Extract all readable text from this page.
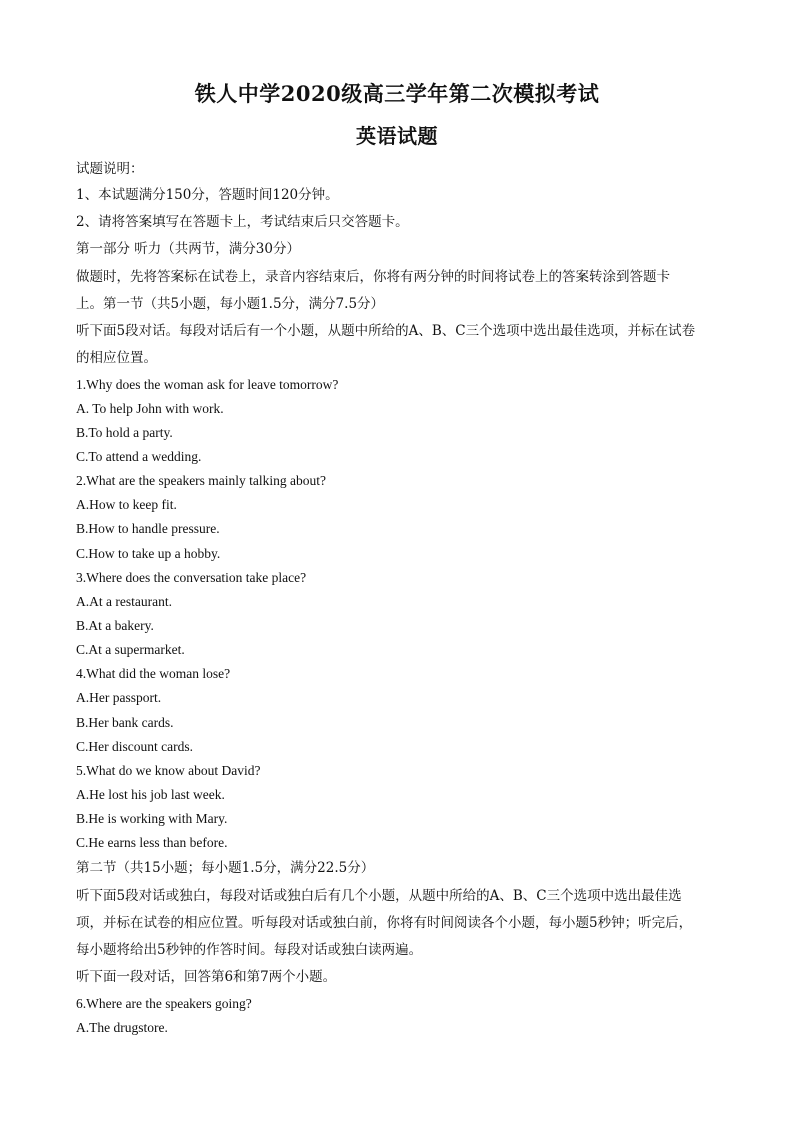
铁人中学2020级高三学年第二次模拟考试
英语试题
试题说明：
1、本试题满分150分，答题时间120分钟。
2、请将答案填写在答题卡上，考试结束后只交答题卡。
第一部分 听力（共两节，满分30分）
做题时，先将答案标在试卷上，录音内容结束后，你将有两分钟的时间将试卷上的答案转涂到答题卡
上。第一节（共5小题，每小题1.5分，满分7.5分）
听下面5段对话。每段对话后有一个小题，从题中所给的A、B、C三个选项中选出最佳选项，并标在试卷
的相应位置。
1.Why does the woman ask for leave tomorrow?
A. To help John with work.
B.To hold a party.
C.To attend a wedding.
2.What are the speakers mainly talking about?
A.How to keep fit.
B.How to handle pressure.
C.How to take up a hobby.
3.Where does the conversation take place?
A.At a restaurant.
B.At a bakery.
C.At a supermarket.
4.What did the woman lose?
A.Her passport.
B.Her bank cards.
C.Her discount cards.
5.What do we know about David?
A.He lost his job last week.
B.He is working with Mary.
C.He earns less than before.
第二节（共15小题；每小题1.5分，满分22.5分）
听下面5段对话或独白，每段对话或独白后有几个小题，从题中所给的A、B、C三个选项中选出最佳选
项，并标在试卷的相应位置。听每段对话或独白前，你将有时间阅读各个小题，每小题5秒钟；听完后，
每小题将给出5秒钟的作答时间。每段对话或独白读两遍。
听下面一段对话，回答第6和第7两个小题。
6.Where are the speakers going?
A.The drugstore.
